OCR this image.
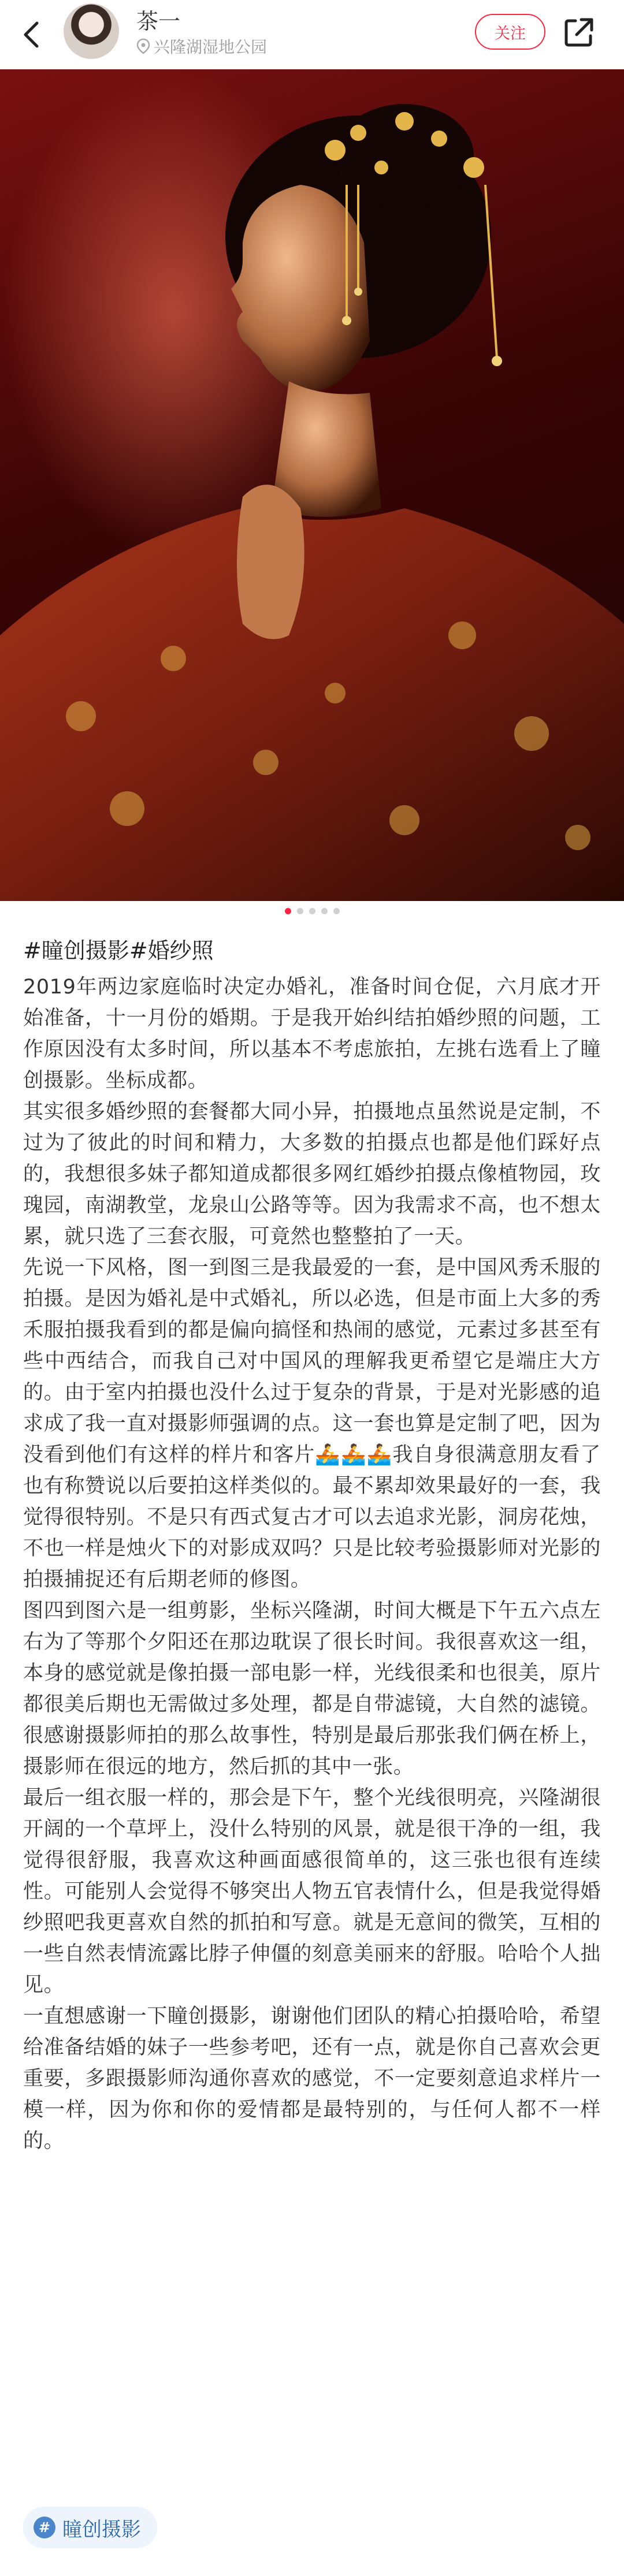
茶一
兴隆湖湿地公园
关注
#瞳创摄影#婚纱照

2019年两边家庭临时决定办婚礼，准备时间仓促，六月底才开始准备，十一月份的婚期。于是我开始纠结拍婚纱照的问题，工作原因没有太多时间，所以基本不考虑旅拍，左挑右选看上了瞳创摄影。坐标成都。

其实很多婚纱照的套餐都大同小异，拍摄地点虽然说是定制，不过为了彼此的时间和精力，大多数的拍摄点也都是他们踩好点的，我想很多妹子都知道成都很多网红婚纱拍摄点像植物园，玫瑰园，南湖教堂，龙泉山公路等等。因为我需求不高，也不想太累，就只选了三套衣服，可竟然也整整拍了一天。

先说一下风格，图一到图三是我最爱的一套，是中国风秀禾服的拍摄。是因为婚礼是中式婚礼，所以必选，但是市面上大多的秀禾服拍摄我看到的都是偏向搞怪和热闹的感觉，元素过多甚至有些中西结合，而我自己对中国风的理解我更希望它是端庄大方的。由于室内拍摄也没什么过于复杂的背景，于是对光影感的追求成了我一直对摄影师强调的点。这一套也算是定制了吧，因为没看到他们有这样的样片和客片🚣🚣🚣我自身很满意朋友看了也有称赞说以后要拍这样类似的。最不累却效果最好的一套，我觉得很特别。不是只有西式复古才可以去追求光影，洞房花烛，不也一样是烛火下的对影成双吗？只是比较考验摄影师对光影的拍摄捕捉还有后期老师的修图。

图四到图六是一组剪影，坐标兴隆湖，时间大概是下午五六点左右为了等那个夕阳还在那边耽误了很长时间。我很喜欢这一组，本身的感觉就是像拍摄一部电影一样，光线很柔和也很美，原片都很美后期也无需做过多处理，都是自带滤镜，大自然的滤镜。很感谢摄影师拍的那么故事性，特别是最后那张我们俩在桥上，摄影师在很远的地方，然后抓的其中一张。

最后一组衣服一样的，那会是下午，整个光线很明亮，兴隆湖很开阔的一个草坪上，没什么特别的风景，就是很干净的一组，我觉得很舒服，我喜欢这种画面感很简单的，这三张也很有连续性。可能别人会觉得不够突出人物五官表情什么，但是我觉得婚纱照吧我更喜欢自然的抓拍和写意。就是无意间的微笑，互相的一些自然表情流露比脖子伸僵的刻意美丽来的舒服。哈哈个人拙见。

一直想感谢一下瞳创摄影，谢谢他们团队的精心拍摄哈哈，希望给准备结婚的妹子一些参考吧，还有一点，就是你自己喜欢会更重要，多跟摄影师沟通你喜欢的感觉，不一定要刻意追求样片一模一样，因为你和你的爱情都是最特别的，与任何人都不一样的。

# 瞳创摄影
